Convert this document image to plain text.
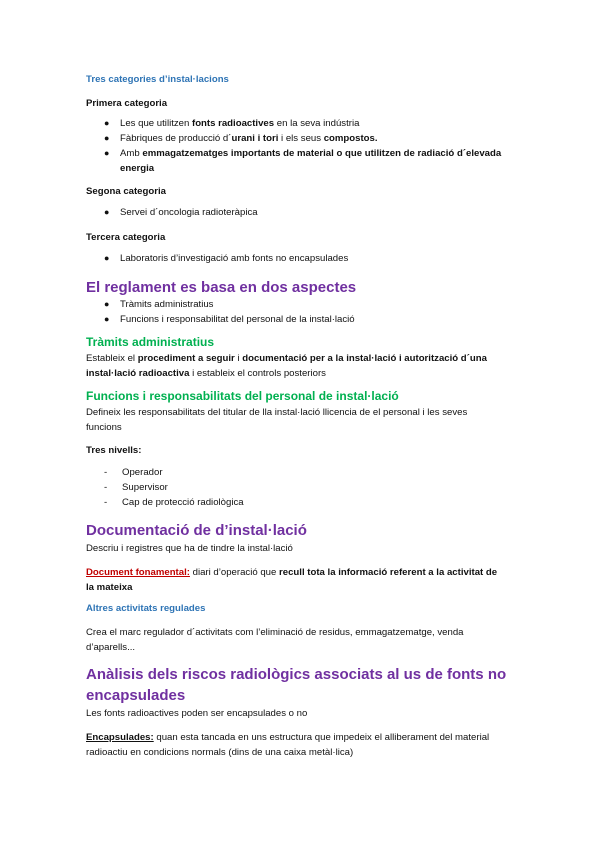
Tres categories d’instal·lacions
Primera categoria
● Les que utilitzen fonts radioactives en la seva indústria
● Fàbriques de producció d´urani i tori i els seus compostos.
● Amb emmagatzematges importants de material o que utilitzen de radiació d´elevada energia
Segona categoria
● Servei d´oncologia radioteràpica
Tercera categoria
● Laboratoris d’investigació amb fonts no encapsulades
El reglament es basa en dos aspectes
● Tràmits administratius
● Funcions i responsabilitat del personal de la instal·lació
Tràmits administratius
Estableix el procediment a seguir i documentació per a la instal·lació i autorització d´una
instal·lació radioactiva i estableix el controls posteriors
Funcions i responsabilitats del personal de instal·lació
Defineix les responsabilitats del titular de lla instal·lació llicencia de el personal i les seves
funcions
Tres nivells:
- Operador
- Supervisor
- Cap de protecció radiològica
Documentació de d’instal·lació
Descriu i registres que ha de tindre la instal·lació
Document fonamental: diari d’operació que recull tota la informació referent a la activitat de
la mateixa
Altres activitats regulades
Crea el marc regulador d´activitats com l’eliminació de residus, emmagatzematge, venda
d’aparells...
Anàlisis dels riscos radiològics associats al us de fonts no
encapsulades
Les fonts radioactives poden ser encapsulades o no
Encapsulades: quan esta tancada en uns estructura que impedeix el alliberament del material
radioactiu en condicions normals (dins de una caixa metàl·lica)
